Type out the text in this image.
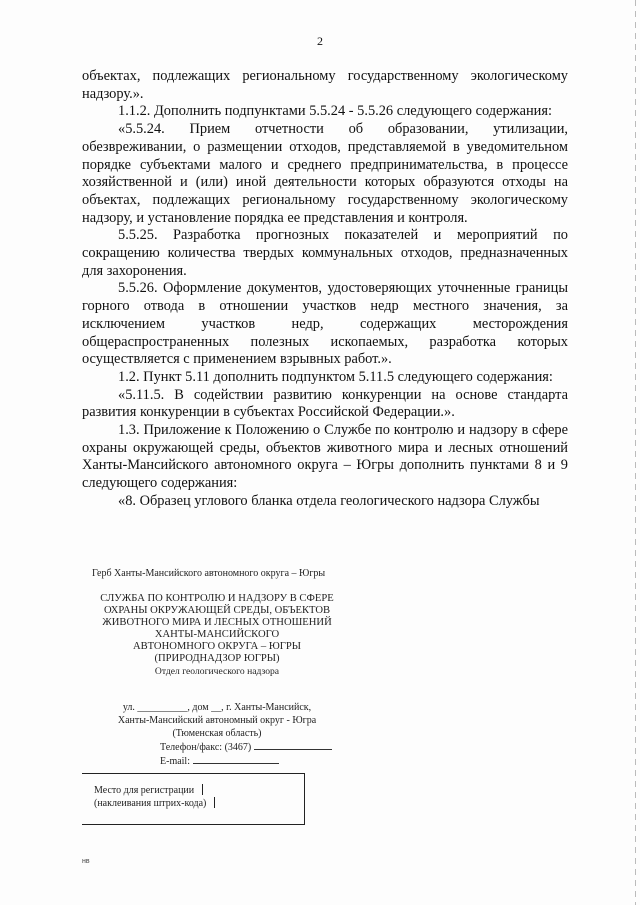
2

объектах, подлежащих региональному государственному экологическому надзору.».

1.1.2. Дополнить подпунктами 5.5.24 - 5.5.26 следующего содержания:

«5.5.24. Прием отчетности об образовании, утилизации, обезвреживании, о размещении отходов, представляемой в уведомительном порядке субъектами малого и среднего предпринимательства, в процессе хозяйственной и (или) иной деятельности которых образуются отходы на объектах, подлежащих региональному государственному экологическому надзору, и установление порядка ее представления и контроля.

5.5.25. Разработка прогнозных показателей и мероприятий по сокращению количества твердых коммунальных отходов, предназначенных для захоронения.

5.5.26. Оформление документов, удостоверяющих уточненные границы горного отвода в отношении участков недр местного значения, за исключением участков недр, содержащих месторождения общераспространенных полезных ископаемых, разработка которых осуществляется с применением взрывных работ.».

1.2. Пункт 5.11 дополнить подпунктом 5.11.5 следующего содержания:

«5.11.5. В содействии развитию конкуренции на основе стандарта развития конкуренции в субъектах Российской Федерации.».

1.3. Приложение к Положению о Службе по контролю и надзору в сфере охраны окружающей среды, объектов животного мира и лесных отношений Ханты-Мансийского автономного округа – Югры дополнить пунктами 8 и 9 следующего содержания:

«8. Образец углового бланка отдела геологического надзора Службы

Герб Ханты-Мансийского автономного округа – Югры
СЛУЖБА ПО КОНТРОЛЮ И НАДЗОРУ В СФЕРЕ
ОХРАНЫ ОКРУЖАЮЩЕЙ СРЕДЫ, ОБЪЕКТОВ
ЖИВОТНОГО МИРА И ЛЕСНЫХ ОТНОШЕНИЙ
ХАНТЫ-МАНСИЙСКОГО
АВТОНОМНОГО ОКРУГА – ЮГРЫ
(ПРИРОДНАДЗОР ЮГРЫ)
Отдел геологического надзора
ул. __________, дом __, г. Ханты-Мансийск,
Ханты-Мансийский автономный округ - Югра
(Тюменская область)
Телефон/факс: (3467)
E-mail:
Место для регистрации
(наклеивания штрих-кода)
нв
